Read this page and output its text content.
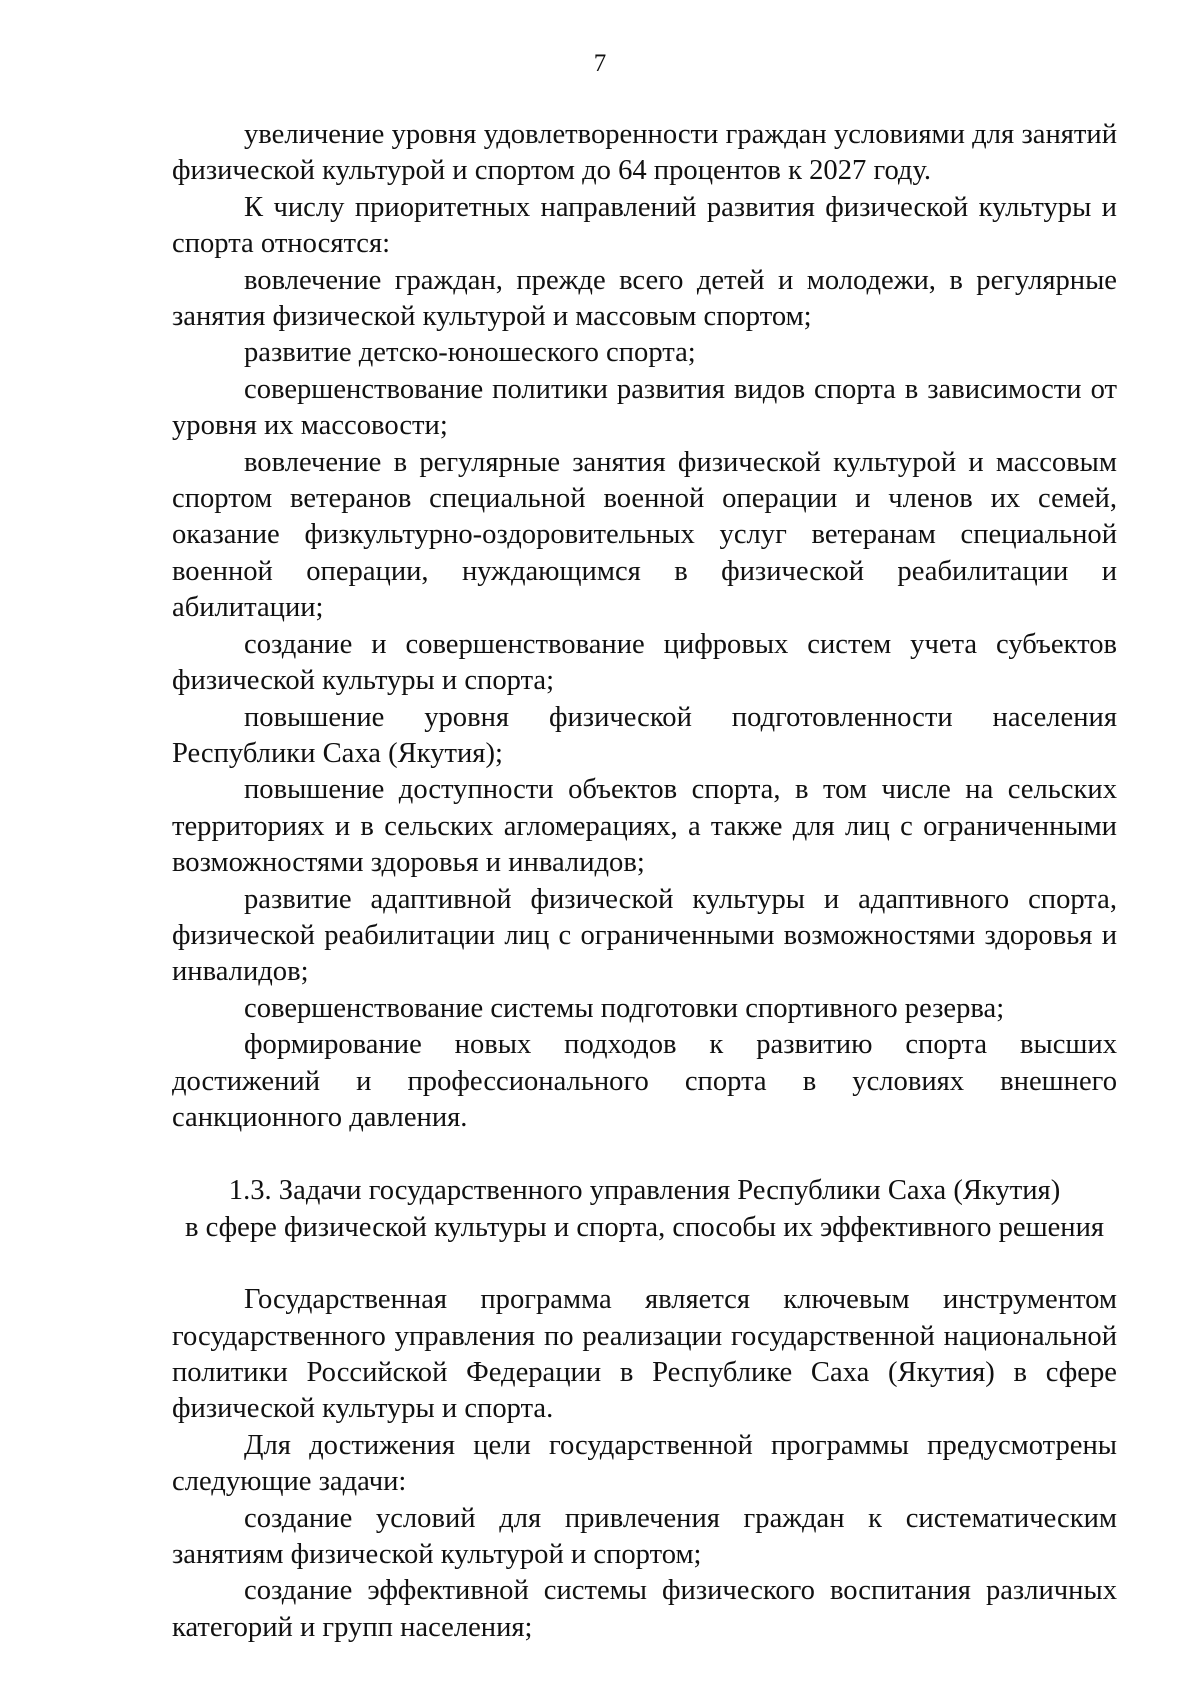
7

увеличение уровня удовлетворенности граждан условиями для занятий физической культурой и спортом до 64 процентов к 2027 году.

К числу приоритетных направлений развития физической культуры и спорта относятся:

вовлечение граждан, прежде всего детей и молодежи, в регулярные занятия физической культурой и массовым спортом;

развитие детско-юношеского спорта;

совершенствование политики развития видов спорта в зависимости от уровня их массовости;

вовлечение в регулярные занятия физической культурой и массовым спортом ветеранов специальной военной операции и членов их семей, оказание физкультурно-оздоровительных услуг ветеранам специальной военной операции, нуждающимся в физической реабилитации и абилитации;

создание и совершенствование цифровых систем учета субъектов физической культуры и спорта;

повышение уровня физической подготовленности населения Республики Саха (Якутия);

повышение доступности объектов спорта, в том числе на сельских территориях и в сельских агломерациях, а также для лиц с ограниченными возможностями здоровья и инвалидов;

развитие адаптивной физической культуры и адаптивного спорта, физической реабилитации лиц с ограниченными возможностями здоровья и инвалидов;

совершенствование системы подготовки спортивного резерва;

формирование новых подходов к развитию спорта высших достижений и профессионального спорта в условиях внешнего санкционного давления.

1.3. Задачи государственного управления Республики Саха (Якутия)
в сфере физической культуры и спорта, способы их эффективного решения

Государственная программа является ключевым инструментом государственного управления по реализации государственной национальной политики Российской Федерации в Республике Саха (Якутия) в сфере физической культуры и спорта.

Для достижения цели государственной программы предусмотрены следующие задачи:

создание условий для привлечения граждан к систематическим занятиям физической культурой и спортом;

создание эффективной системы физического воспитания различных категорий и групп населения;
